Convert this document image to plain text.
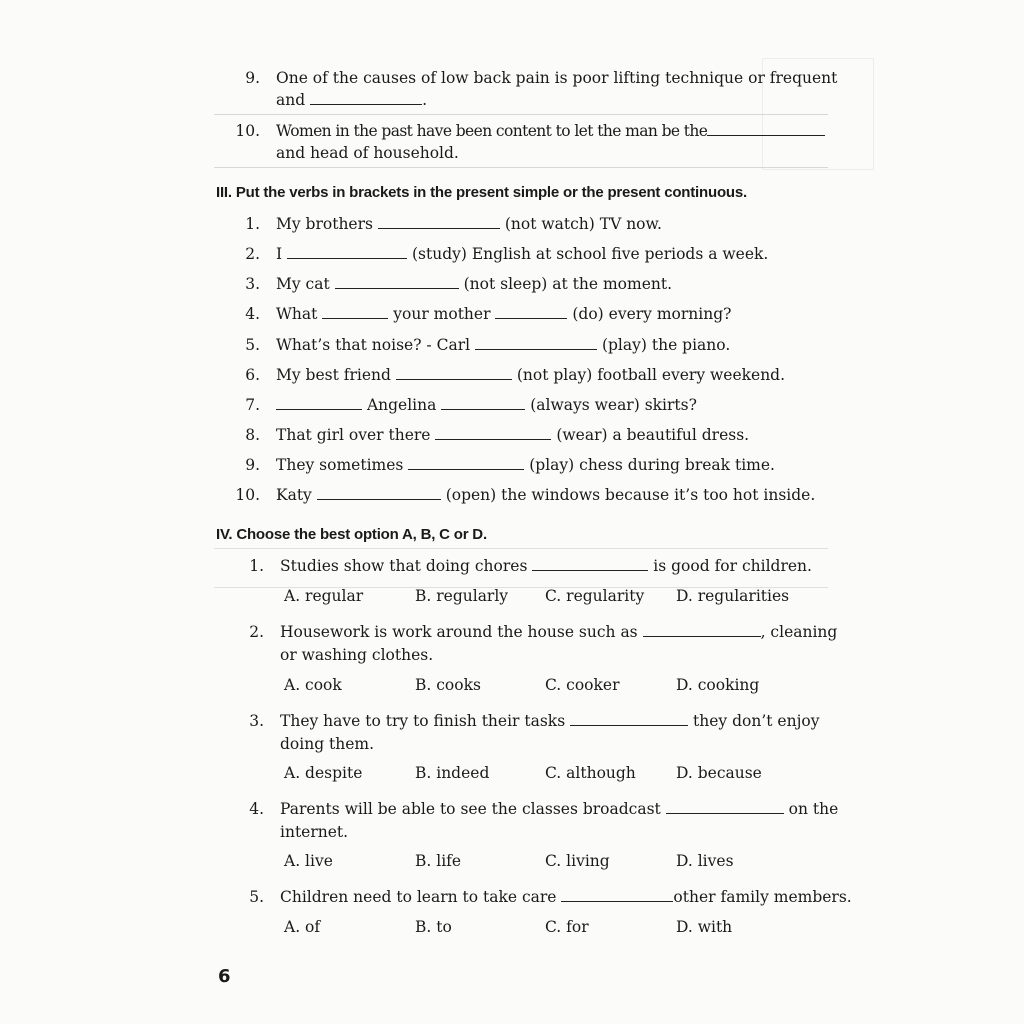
9. One of the causes of low back pain is poor lifting technique or frequent
and	.
10. Women in the past have been content to let the man be the
and head of household.
III. Put the verbs in brackets in the present simple or the present continuous.
1. My brothers	(not watch) TV now.
2. I	(study) English at school five periods a week.
3. My cat	(not sleep) at the moment.
4. What	your mother	(do) every morning?
5. What’s that noise? - Carl	(play) the piano.
6. My best friend	(not play) football every weekend.
7.	Angelina	(always wear) skirts?
8. That girl over there	(wear) a beautiful dress.
9. They sometimes	(play) chess during break time.
10. Katy	(open) the windows because it’s too hot inside.
IV. Choose the best option A, B, C or D.
1. Studies show that doing chores	is good for children.
A. regular	B. regularly C. regularity D. regularities
2. Housework is work around the house such as	, cleaning
or washing clothes.
A. cook	B. cooks	C. cooker	D. cooking
3. They have to try to finish their tasks	they don’t enjoy
doing them.
A. despite	B. indeed	C. although	D. because
4. Parents will be able to see the classes broadcast	on the
internet.
A. live	B. life	C. living	D. lives
5. Children need to learn to take care	other family members.
A. of	B. to	C. for	D. with
6
